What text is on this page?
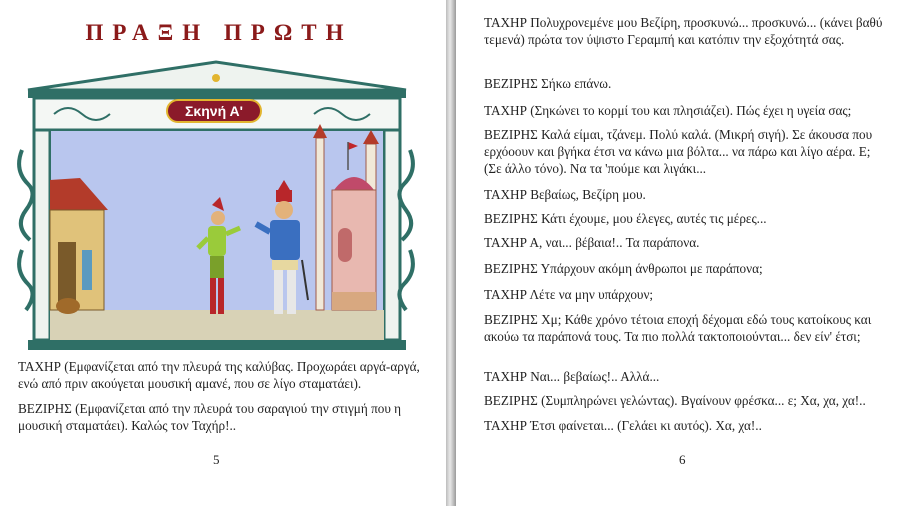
ΠΡΑΞΗ ΠΡΩΤΗ
Σκηνή Α'

ΤΑΧΗΡ (Εμφανίζεται από την πλευρά της καλύβας. Προχωράει αργά-αργά, ενώ από πριν ακούγεται μουσική αμανέ, που σε λίγο σταματάει).

ΒΕΖΙΡΗΣ (Εμφανίζεται από την πλευρά του σαραγιού την στιγμή που η μουσική σταματάει). Καλώς τον Ταχήρ!..

5

ΤΑΧΗΡ Πολυχρονεμένε μου Βεζίρη, προσκυνώ... προσκυνώ... (κάνει βαθύ τεμενά) πρώτα τον ύψιστο Γεραμπή και κατόπιν την εξοχότητά σας.

ΒΕΖΙΡΗΣ Σήκω επάνω.

ΤΑΧΗΡ (Σηκώνει το κορμί του και πλησιάζει). Πώς έχει η υγεία σας;

ΒΕΖΙΡΗΣ Καλά είμαι, τζάνεμ. Πολύ καλά. (Μικρή σιγή). Σε άκουσα που ερχόοουν και βγήκα έτσι να κάνω μια βόλτα... να πάρω και λίγο αέρα. Ε; (Σε άλλο τόνο). Να τα 'πούμε και λιγάκι...

ΤΑΧΗΡ Βεβαίως, Βεζίρη μου.

ΒΕΖΙΡΗΣ Κάτι έχουμε, μου έλεγες, αυτές τις μέρες...

ΤΑΧΗΡ Α, ναι... βέβαια!.. Τα παράπονα.

ΒΕΖΙΡΗΣ Υπάρχουν ακόμη άνθρωποι με παράπονα;

ΤΑΧΗΡ Λέτε να μην υπάρχουν;

ΒΕΖΙΡΗΣ Χμ; Κάθε χρόνο τέτοια εποχή δέχομαι εδώ τους κατοίκους και ακούω τα παράπονά τους. Τα πιο πολλά τακτοποιούνται... δεν είν' έτσι;

ΤΑΧΗΡ Ναι... βεβαίως!.. Αλλά...

ΒΕΖΙΡΗΣ (Συμπληρώνει γελώντας). Βγαίνουν φρέσκα... ε; Χα, χα, χα!..

ΤΑΧΗΡ Έτσι φαίνεται... (Γελάει κι αυτός). Χα, χα!..

6
